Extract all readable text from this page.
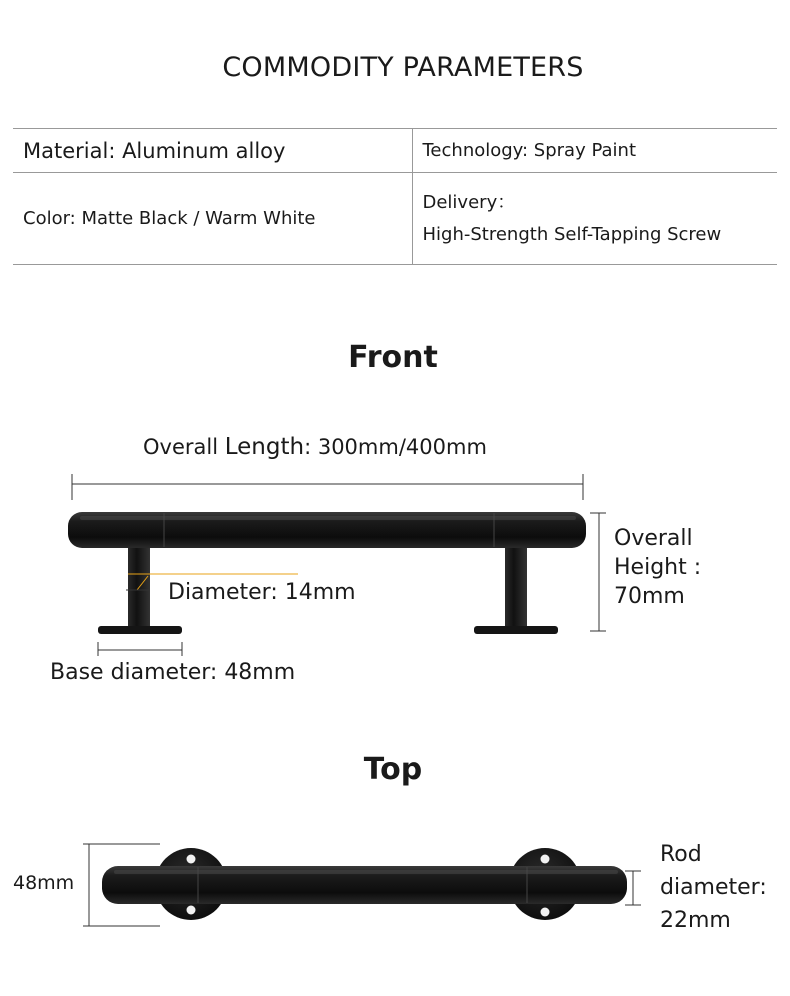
COMMODITY PARAMETERS
Material: Aluminum alloy	Technology: Spray Paint
Color: Matte Black / Warm White	Delivery：
High-Strength Self-Tapping Screw
Front
Top
Overall Length: 300mm/400mm
Diameter: 14mm
Base diameter: 48mm
Overall
Height :
70mm
48mm
Rod
diameter:
22mm
